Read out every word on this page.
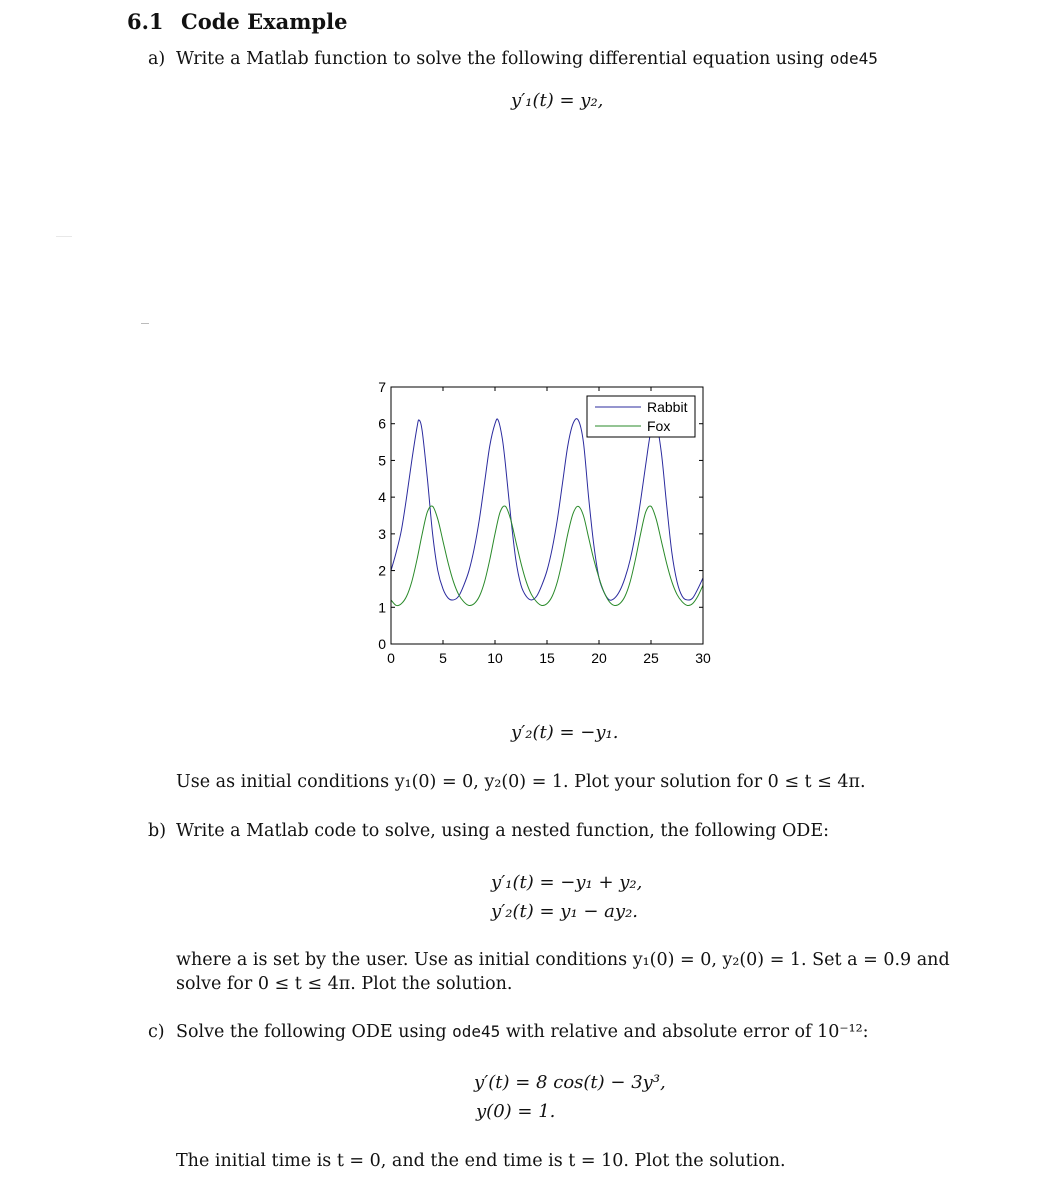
6.1 Code Example
a) Write a Matlab function to solve the following differential equation using ode45
y′₁(t) = y₂,
0	5	10	15	20	25	30
0
1
2
3
4
5
6
7
Rabbit
Fox
y′₂(t) = −y₁.
Use as initial conditions y₁(0) = 0, y₂(0) = 1. Plot your solution for 0 ≤ t ≤ 4π.
b) Write a Matlab code to solve, using a nested function, the following ODE:
y′₁(t) = −y₁ + y₂,
y′₂(t) = y₁ − ay₂.
where a is set by the user. Use as initial conditions y₁(0) = 0, y₂(0) = 1. Set a = 0.9 and
solve for 0 ≤ t ≤ 4π. Plot the solution.
c) Solve the following ODE using ode45 with relative and absolute error of 10⁻¹²:
y′(t) = 8 cos(t) − 3y³,
y(0) = 1.
The initial time is t = 0, and the end time is t = 10. Plot the solution.
